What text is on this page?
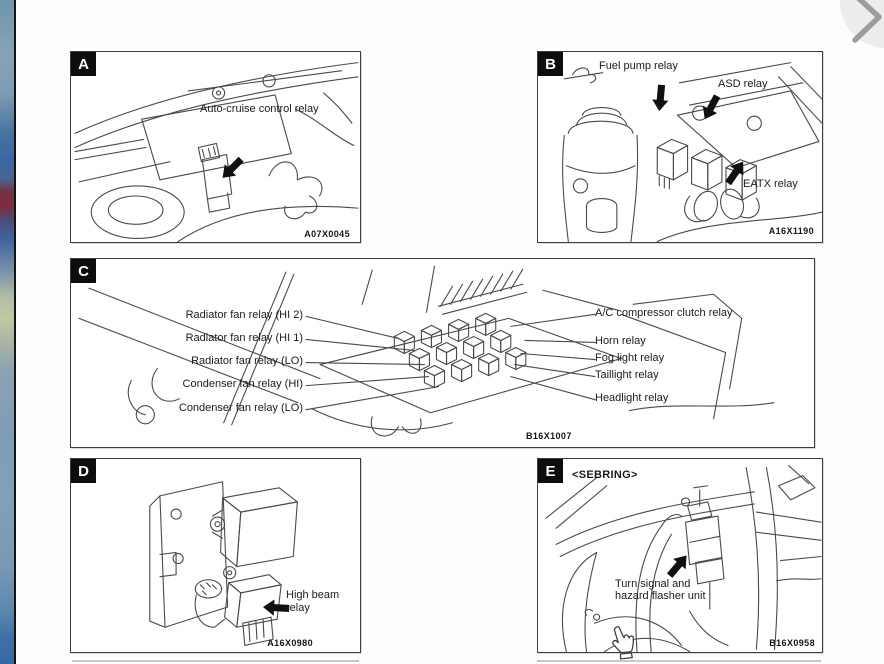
A
Auto-cruise control relay
A07X0045
B	Fuel pump relay
ASD relay
EATX relay
A16X1190
C
Radiator fan relay (HI 2)
Radiator fan relay (HI 1)
Radiator fan relay (LO)
Condenser fan relay (HI)
Condenser fan relay (LO)
A/C compressor clutch relay
Horn relay
Fog light relay
Taillight relay
Headlight relay
B16X1007
D
High beam
relay
A16X0980
E	<SEBRING>
Turn signal and
hazard flasher unit
B16X0958
